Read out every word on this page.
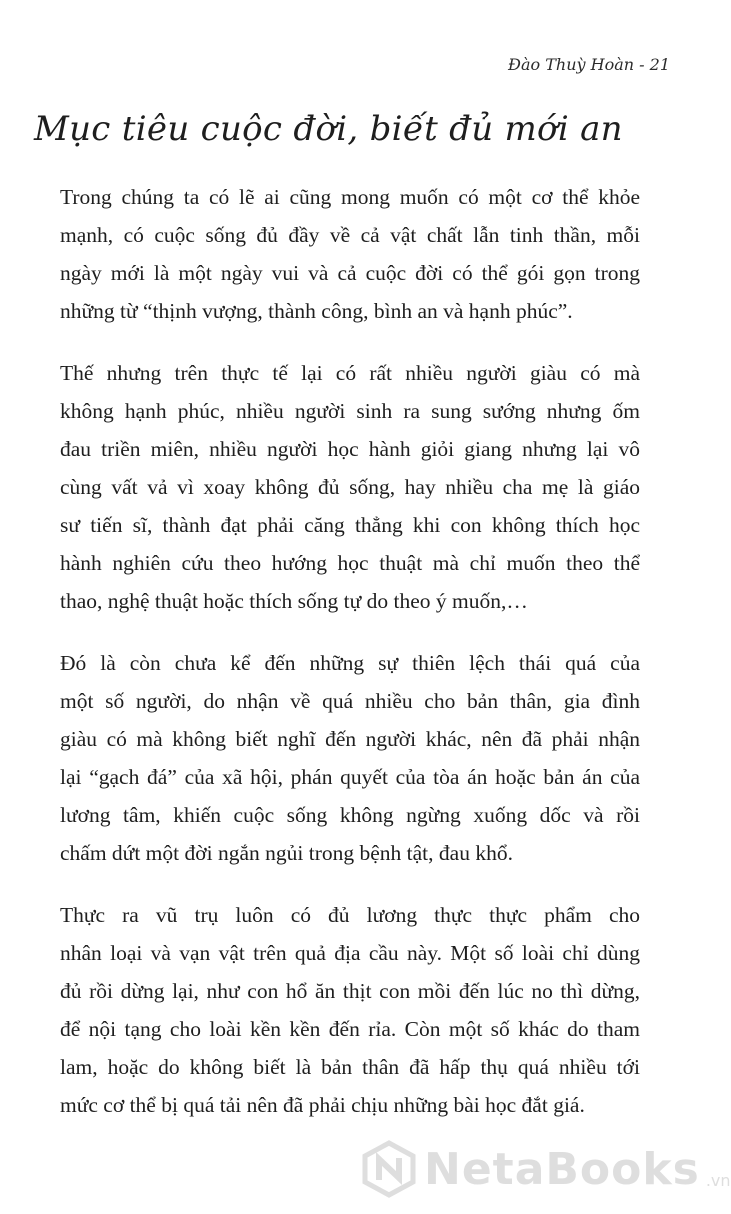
Đào Thuỳ Hoàn - 21
Mục tiêu cuộc đời, biết đủ mới an

Trong chúng ta có lẽ ai cũng mong muốn có một cơ thể khỏe
mạnh, có cuộc sống đủ đầy về cả vật chất lẫn tinh thần, mỗi
ngày mới là một ngày vui và cả cuộc đời có thể gói gọn trong
những từ “thịnh vượng, thành công, bình an và hạnh phúc”.

Thế nhưng trên thực tế lại có rất nhiều người giàu có mà
không hạnh phúc, nhiều người sinh ra sung sướng nhưng ốm
đau triền miên, nhiều người học hành giỏi giang nhưng lại vô
cùng vất vả vì xoay không đủ sống, hay nhiều cha mẹ là giáo
sư tiến sĩ, thành đạt phải căng thẳng khi con không thích học
hành nghiên cứu theo hướng học thuật mà chỉ muốn theo thể
thao, nghệ thuật hoặc thích sống tự do theo ý muốn,…

Đó là còn chưa kể đến những sự thiên lệch thái quá của
một số người, do nhận về quá nhiều cho bản thân, gia đình
giàu có mà không biết nghĩ đến người khác, nên đã phải nhận
lại “gạch đá” của xã hội, phán quyết của tòa án hoặc bản án của
lương tâm, khiến cuộc sống không ngừng xuống dốc và rồi
chấm dứt một đời ngắn ngủi trong bệnh tật, đau khổ.

Thực ra vũ trụ luôn có đủ lương thực thực phẩm cho
nhân loại và vạn vật trên quả địa cầu này. Một số loài chỉ dùng
đủ rồi dừng lại, như con hổ ăn thịt con mồi đến lúc no thì dừng,
để nội tạng cho loài kền kền đến rỉa. Còn một số khác do tham
lam, hoặc do không biết là bản thân đã hấp thụ quá nhiều tới
mức cơ thể bị quá tải nên đã phải chịu những bài học đắt giá.

NetaBooks .vn
